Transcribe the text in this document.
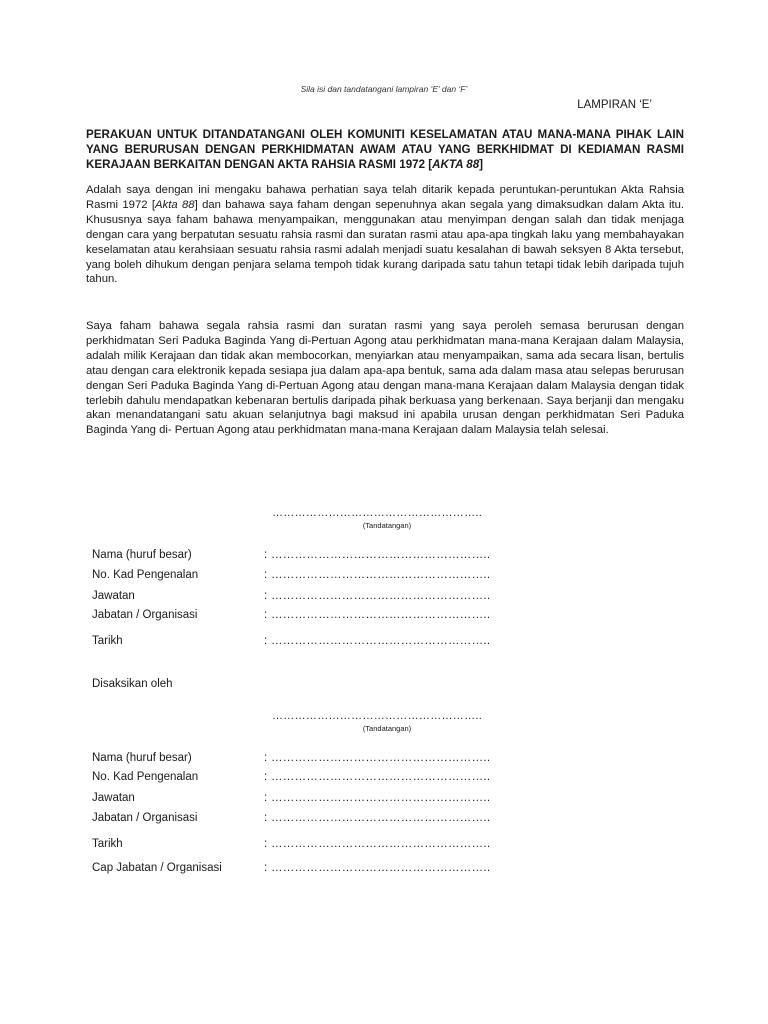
Sila isi dan tandatangani lampiran ‘E’ dan ‘F’
LAMPIRAN ‘E’

PERAKUAN UNTUK DITANDATANGANI OLEH KOMUNITI KESELAMATAN ATAU MANA-MANA PIHAK LAIN YANG BERURUSAN DENGAN PERKHIDMATAN AWAM ATAU YANG BERKHIDMAT DI KEDIAMAN RASMI KERAJAAN BERKAITAN DENGAN AKTA RAHSIA RASMI 1972 [AKTA 88]

Adalah saya dengan ini mengaku bahawa perhatian saya telah ditarik kepada peruntukan-peruntukan Akta Rahsia Rasmi 1972 [Akta 88] dan bahawa saya faham dengan sepenuhnya akan segala yang dimaksudkan dalam Akta itu. Khususnya saya faham bahawa menyampaikan, menggunakan atau menyimpan dengan salah dan tidak menjaga dengan cara yang berpatutan sesuatu rahsia rasmi dan suratan rasmi atau apa-apa tingkah laku yang membahayakan keselamatan atau kerahsiaan sesuatu rahsia rasmi adalah menjadi suatu kesalahan di bawah seksyen 8 Akta tersebut, yang boleh dihukum dengan penjara selama tempoh tidak kurang daripada satu tahun tetapi tidak lebih daripada tujuh tahun.

Saya faham bahawa segala rahsia rasmi dan suratan rasmi yang saya peroleh semasa berurusan dengan perkhidmatan Seri Paduka Baginda Yang di-Pertuan Agong atau perkhidmatan mana-mana Kerajaan dalam Malaysia, adalah milik Kerajaan dan tidak akan membocorkan, menyiarkan atau menyampaikan, sama ada secara lisan, bertulis atau dengan cara elektronik kepada sesiapa jua dalam apa-apa bentuk, sama ada dalam masa atau selepas berurusan dengan Seri Paduka Baginda Yang di-Pertuan Agong atau dengan mana-mana Kerajaan dalam Malaysia dengan tidak terlebih dahulu mendapatkan kebenaran bertulis daripada pihak berkuasa yang berkenaan. Saya berjanji dan mengaku akan menandatangani satu akuan selanjutnya bagi maksud ini apabila urusan dengan perkhidmatan Seri Paduka Baginda Yang di- Pertuan Agong atau perkhidmatan mana-mana Kerajaan dalam Malaysia telah selesai.

………………………………………………..
(Tandatangan)
Nama (huruf besar)	: ………………………………………………..
No. Kad Pengenalan	: ………………………………………………..
Jawatan	: ………………………………………………..
Jabatan / Organisasi	: ………………………………………………..
Tarikh	: ………………………………………………..
Disaksikan oleh
………………………………………………..
(Tandatangan)
Nama (huruf besar)	: ………………………………………………..
No. Kad Pengenalan	: ………………………………………………..
Jawatan	: ………………………………………………..
Jabatan / Organisasi	: ………………………………………………..
Tarikh	: ………………………………………………..
Cap Jabatan / Organisasi	: ………………………………………………..
